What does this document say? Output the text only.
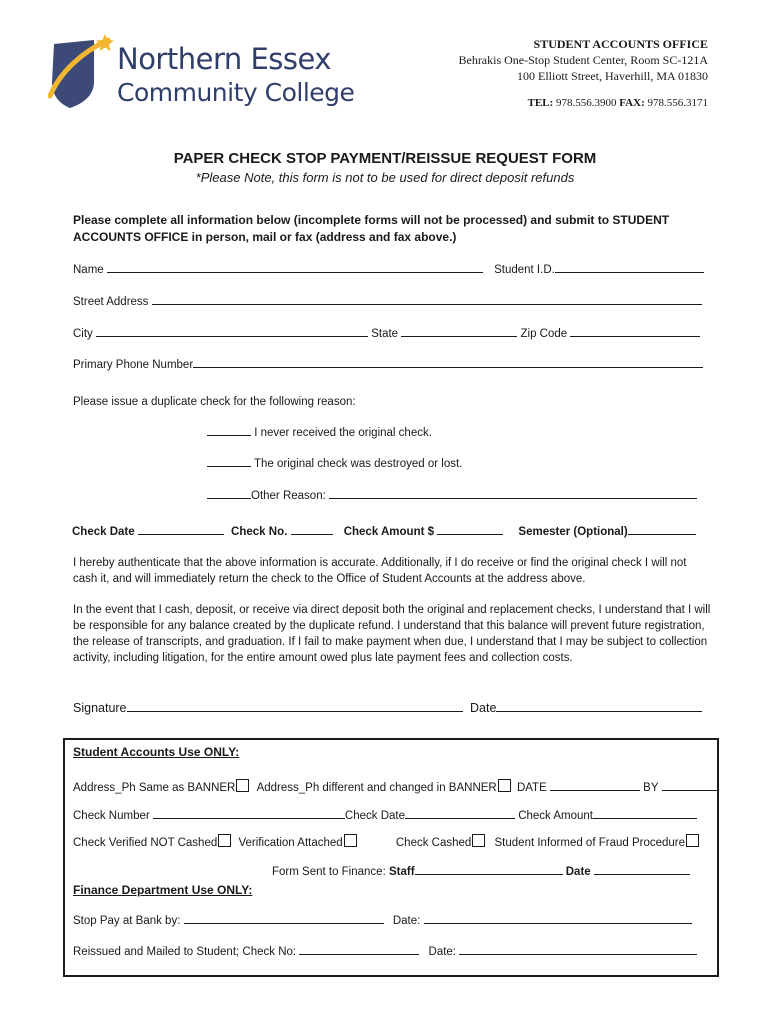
Northern Essex
Community College
STUDENT ACCOUNTS OFFICE
Behrakis One-Stop Student Center, Room SC-121A
100 Elliott Street, Haverhill, MA 01830
TEL: 978.556.3900 FAX: 978.556.3171
PAPER CHECK STOP PAYMENT/REISSUE REQUEST FORM
*Please Note, this form is not to be used for direct deposit refunds
Please complete all information below (incomplete forms will not be processed) and submit to STUDENT ACCOUNTS OFFICE in person, mail or fax (address and fax above.)
Name	Student I.D.
Street Address
City	State	Zip Code
Primary Phone Number
Please issue a duplicate check for the following reason:
I never received the original check.
The original check was destroyed or lost.
Other Reason:
Check Date	Check No.	Check Amount $	Semester (Optional)
I hereby authenticate that the above information is accurate. Additionally, if I do receive or find the original check I will not cash it, and will immediately return the check to the Office of Student Accounts at the address above.
In the event that I cash, deposit, or receive via direct deposit both the original and replacement checks, I understand that I will be responsible for any balance created by the duplicate refund. I understand that this balance will prevent future registration, the release of transcripts, and graduation. If I fail to make payment when due, I understand that I may be subject to collection activity, including litigation, for the entire amount owed plus late payment fees and collection costs.
Signature	Date
Student Accounts Use ONLY:
Address_Ph Same as BANNER Address_Ph different and changed in BANNER DATE	BY
Check Number	Check Date	Check Amount
Check Verified NOT Cashed Verification Attached	Check Cashed Student Informed of Fraud Procedure
Form Sent to Finance: Staff	Date
Finance Department Use ONLY:
Stop Pay at Bank by:	Date:
Reissued and Mailed to Student; Check No:	Date:
